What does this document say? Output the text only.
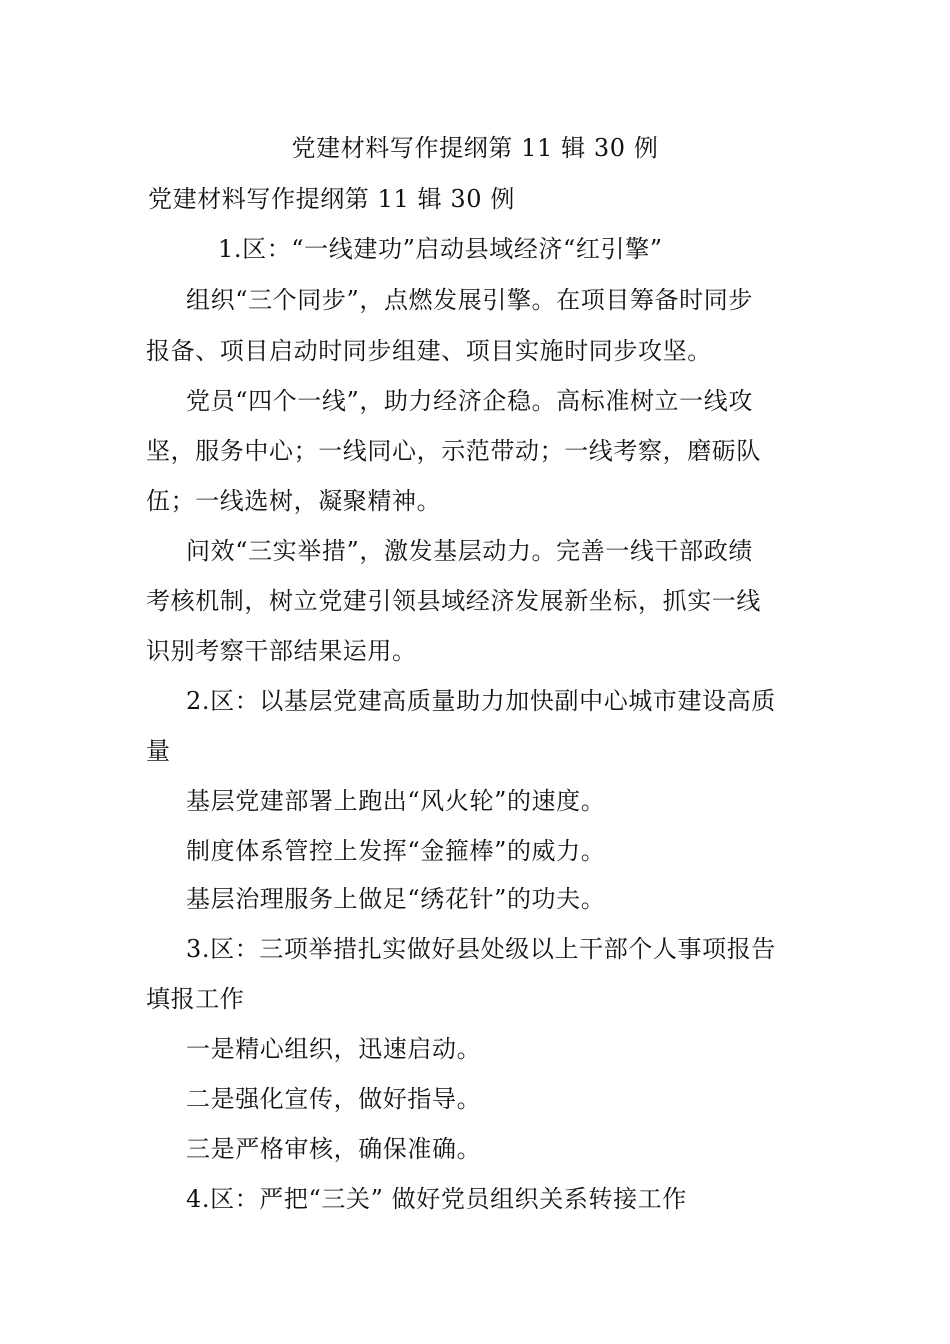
党建材料写作提纲第 11 辑 30 例
党建材料写作提纲第 11 辑 30 例
1.区：“一线建功”启动县域经济“红引擎”
组织“三个同步”，点燃发展引擎。在项目筹备时同步
报备、项目启动时同步组建、项目实施时同步攻坚。
党员“四个一线”，助力经济企稳。高标准树立一线攻
坚，服务中心；一线同心，示范带动；一线考察，磨砺队
伍；一线选树，凝聚精神。
问效“三实举措”，激发基层动力。完善一线干部政绩
考核机制，树立党建引领县域经济发展新坐标，抓实一线
识别考察干部结果运用。
2.区：以基层党建高质量助力加快副中心城市建设高质
量
基层党建部署上跑出“风火轮”的速度。
制度体系管控上发挥“金箍棒”的威力。
基层治理服务上做足“绣花针”的功夫。
3.区：三项举措扎实做好县处级以上干部个人事项报告
填报工作
一是精心组织，迅速启动。
二是强化宣传，做好指导。
三是严格审核，确保准确。
4.区：严把“三关” 做好党员组织关系转接工作
